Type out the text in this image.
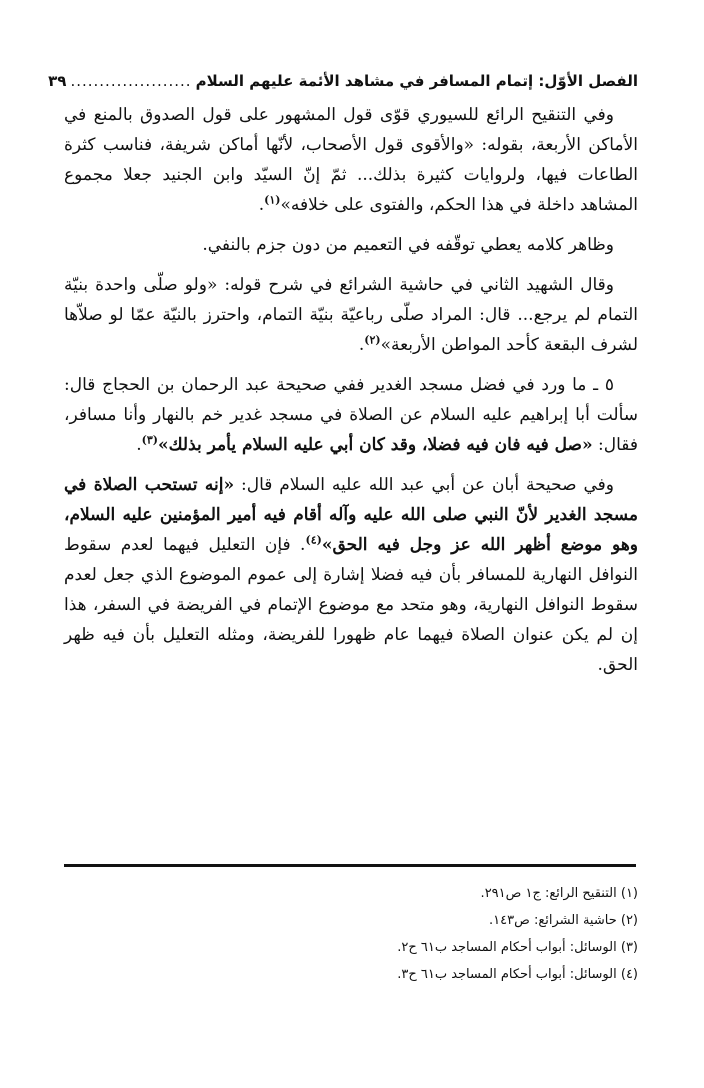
الفصل الأوّل: إتمام المسافر في مشاهد الأئمة عليهم السلام
.....................
٣٩

وفي التنقيح الرائع للسيوري قوّى قول المشهور على قول الصدوق بالمنع في الأماكن الأربعة، بقوله: «والأقوى قول الأصحاب، لأنّها أماكن شريفة، فناسب كثرة الطاعات فيها، ولروايات كثيرة بذلك... ثمّ إنّ السيّد وابن الجنيد جعلا مجموع المشاهد داخلة في هذا الحكم، والفتوى على خلافه»$^{(١)}$.

وظاهر كلامه يعطي توقّفه في التعميم من دون جزم بالنفي.

وقال الشهيد الثاني في حاشية الشرائع في شرح قوله: «ولو صلّى واحدة بنيّة التمام لم يرجع... قال: المراد صلّى رباعيّة بنيّة التمام، واحترز بالنيّة عمّا لو صلاّها لشرف البقعة كأحد المواطن الأربعة»$^{(٢)}$.

٥ ـ ما ورد في فضل مسجد الغدير ففي صحيحة عبد الرحمان بن الحجاج قال: سألت أبا إبراهيم عليه السلام عن الصلاة في مسجد غدير خم بالنهار وأنا مسافر، فقال: «صل فيه فان فيه فضلا، وقد كان أبي عليه السلام يأمر بذلك»$^{(٣)}$.

وفي صحيحة أبان عن أبي عبد الله عليه السلام قال: «إنه تستحب الصلاة في مسجد الغدير لأنّ النبي صلى الله عليه وآله أقام فيه أمير المؤمنين عليه السلام، وهو موضع أظهر الله عز وجل فيه الحق»$^{(٤)}$. فإن التعليل فيهما لعدم سقوط النوافل النهارية للمسافر بأن فيه فضلا إشارة إلى عموم الموضوع الذي جعل لعدم سقوط النوافل النهارية، وهو متحد مع موضوع الإتمام في الفريضة في السفر، هذا إن لم يكن عنوان الصلاة فيهما عام ظهورا للفريضة، ومثله التعليل بأن فيه ظهر الحق.

(١) التنقيح الرائع: ج١ ص٢٩١.
(٢) حاشية الشرائع: ص١٤٣.
(٣) الوسائل: أبواب أحكام المساجد ب٦١ ح٢.
(٤) الوسائل: أبواب أحكام المساجد ب٦١ ح٣.
